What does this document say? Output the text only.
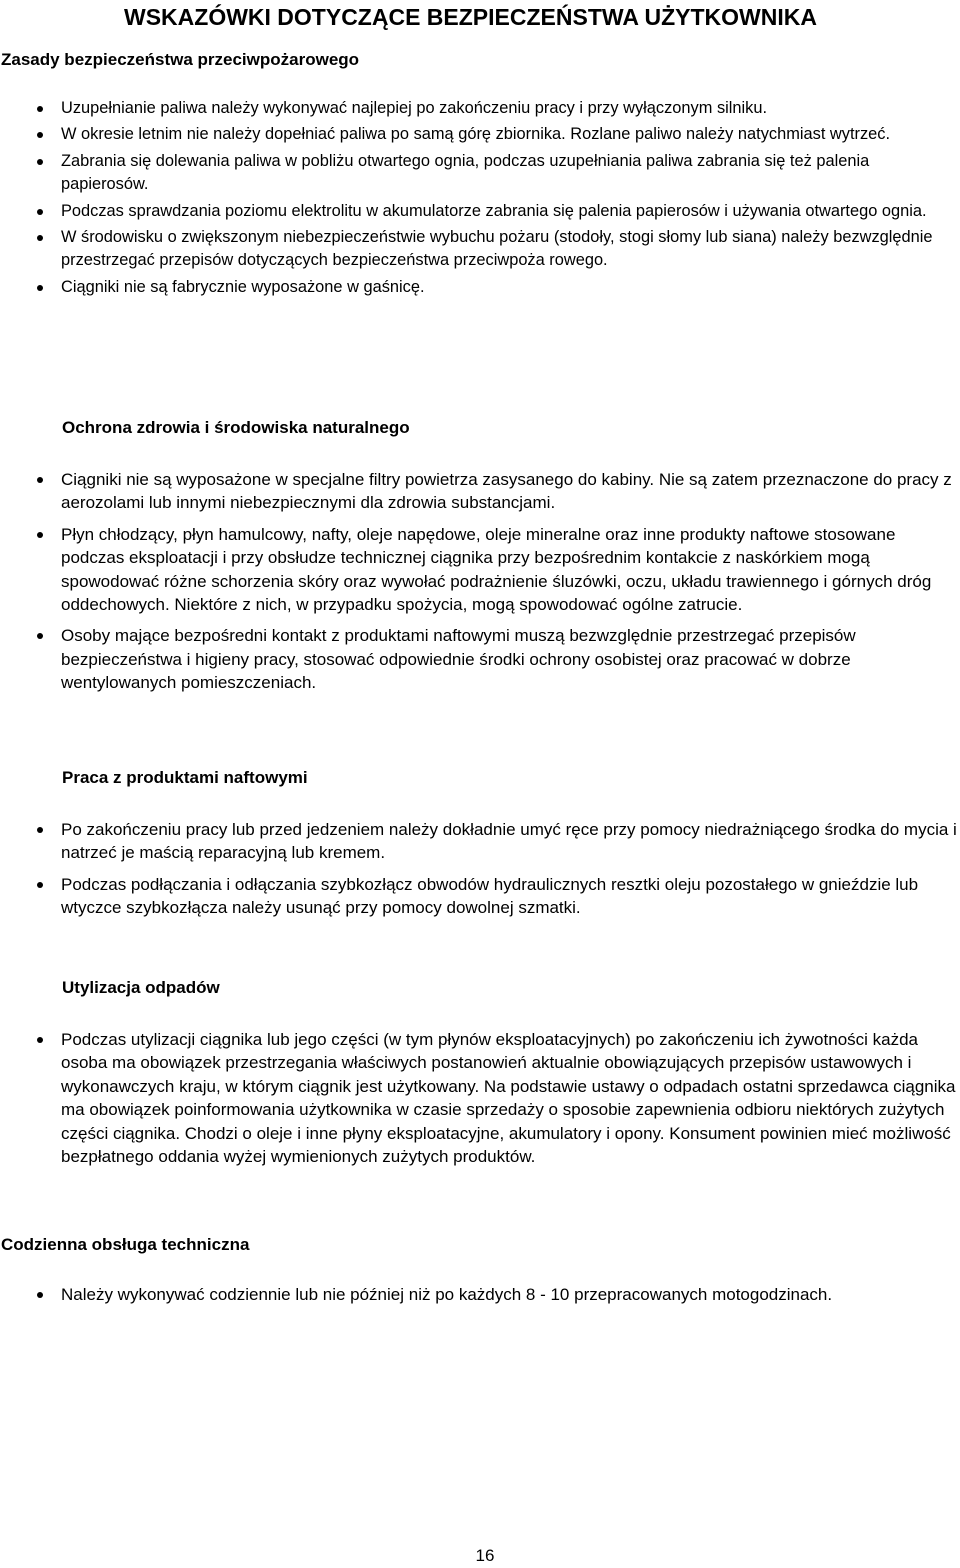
WSKAZÓWKI DOTYCZĄCE BEZPIECZEŃSTWA UŻYTKOWNIKA
Zasady bezpieczeństwa przeciwpożarowego
Uzupełnianie paliwa należy wykonywać najlepiej po zakończeniu pracy i przy wyłączonym silniku.
W okresie letnim nie należy dopełniać paliwa po samą górę zbiornika. Rozlane paliwo należy natychmiast wytrzeć.
Zabrania się dolewania paliwa w pobliżu otwartego ognia, podczas uzupełniania paliwa zabrania się też palenia papierosów.
Podczas sprawdzania poziomu elektrolitu w akumulatorze zabrania się palenia papierosów i używania otwartego ognia.
W środowisku o zwiększonym niebezpieczeństwie wybuchu pożaru (stodoły, stogi słomy lub siana) należy bezwzględnie przestrzegać przepisów dotyczących bezpieczeństwa przeciwpoża rowego.
Ciągniki nie są fabrycznie wyposażone w gaśnicę.
Ochrona zdrowia i środowiska naturalnego
Ciągniki nie są wyposażone w specjalne filtry powietrza zasysanego do kabiny. Nie są zatem przeznaczone do pracy z aerozolami lub innymi niebezpiecznymi dla zdrowia substancjami.
Płyn chłodzący, płyn hamulcowy, nafty, oleje napędowe, oleje mineralne oraz inne produkty naftowe stosowane podczas eksploatacji i przy obsłudze technicznej ciągnika przy bezpośrednim kontakcie z naskórkiem mogą spowodować różne schorzenia skóry oraz wywołać podrażnienie śluzówki, oczu, układu trawiennego i górnych dróg oddechowych. Niektóre z nich, w przypadku spożycia, mogą spowodować ogólne zatrucie.
Osoby mające bezpośredni kontakt z produktami naftowymi muszą bezwzględnie przestrzegać przepisów bezpieczeństwa i higieny pracy, stosować odpowiednie środki ochrony osobistej oraz pracować w dobrze wentylowanych pomieszczeniach.
Praca z produktami naftowymi
Po zakończeniu pracy lub przed jedzeniem należy dokładnie umyć ręce przy pomocy niedrażniącego środka do mycia i natrzeć je maścią reparacyjną lub kremem.
Podczas podłączania i odłączania szybkozłącz obwodów hydraulicznych resztki oleju pozostałego w gnieździe lub wtyczce szybkozłącza należy usunąć przy pomocy dowolnej szmatki.
Utylizacja odpadów
Podczas utylizacji ciągnika lub jego części (w tym płynów eksploatacyjnych) po zakończeniu ich żywotności każda osoba ma obowiązek przestrzegania właściwych postanowień aktualnie obowiązujących przepisów ustawowych i wykonawczych kraju, w którym ciągnik jest użytkowany. Na podstawie ustawy o odpadach ostatni sprzedawca ciągnika ma obowiązek poinformowania użytkownika w czasie sprzedaży o sposobie zapewnienia odbioru niektórych zużytych części ciągnika. Chodzi o oleje i inne płyny eksploatacyjne, akumulatory i opony. Konsument powinien mieć możliwość bezpłatnego oddania wyżej wymienionych zużytych produktów.
Codzienna obsługa techniczna
Należy wykonywać codziennie lub nie później niż po każdych 8 - 10 przepracowanych motogodzinach.
16
